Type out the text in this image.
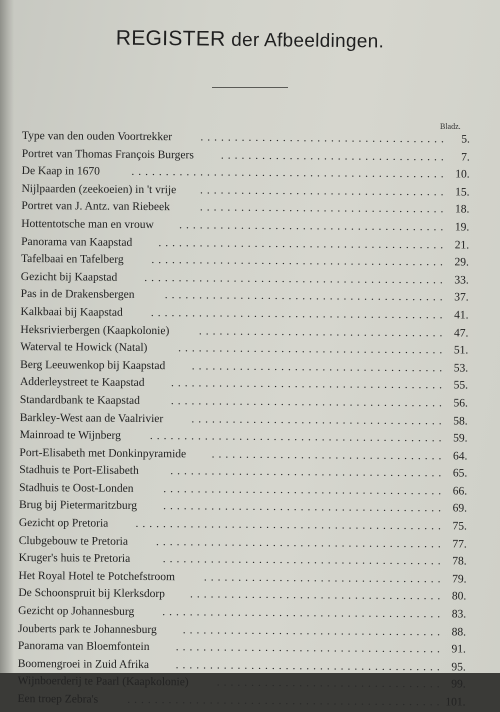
REGISTER der Afbeeldingen.
Bladz.
Type van den ouden Voortrekker ....................................	5.
Portret van Thomas François Burgers .................................	7.
De Kaap in 1670	.............................................. 10.
Nijlpaarden (zeekoeien) in 't vrije .................................... 15.
Portret van J. Antz. van Riebeek	.................................... 18.
Hottentotsche man en vrouw ....................................... 19.
Panorama van Kaapstad .......................................... 21.
Tafelbaai en Tafelberg ........................................... 29.
Gezicht bij Kaapstad ............................................ 33.
Pas in de Drakensbergen	......................................... 37.
Kalkbaai bij Kaapstad ........................................... 41.
Heksrivierbergen (Kaapkolonie)	.................................... 47.
Waterval te Howick (Natal)	....................................... 51.
Berg Leeuwenkop bij Kaapstad ..................................... 53.
Adderleystreet te Kaapstad ........................................ 55.
Standardbank te Kaapstad	........................................ 56.
Barkley-West aan de Vaalrivier ..................................... 58.
Mainroad te Wijnberg	........................................... 59.
Port-Elisabeth met Donkinpyramide .................................. 64.
Stadhuis te Port-Elisabeth	........................................ 65.
Stadhuis te Oost-Londen	......................................... 66.
Brug bij Pietermaritzburg ......................................... 69.
Gezicht op Pretoria ............................................. 75.
Clubgebouw te Pretoria .......................................... 77.
Kruger's huis te Pretoria	......................................... 78.
Het Royal Hotel te Potchefstroom	................................... 79.
De Schoonspruit bij Klerksdorp ..................................... 80.
Gezicht op Johannesburg ......................................... 83.
Jouberts park te Johannesburg ...................................... 88.
Panorama van Bloemfontein ....................................... 91.
Boomengroei in Zuid Afrika ....................................... 95.
Wijnboerderij te Paarl (Kaapkolonie) ................................. 99.
Een troep Zebra's	.............................................. 101.
